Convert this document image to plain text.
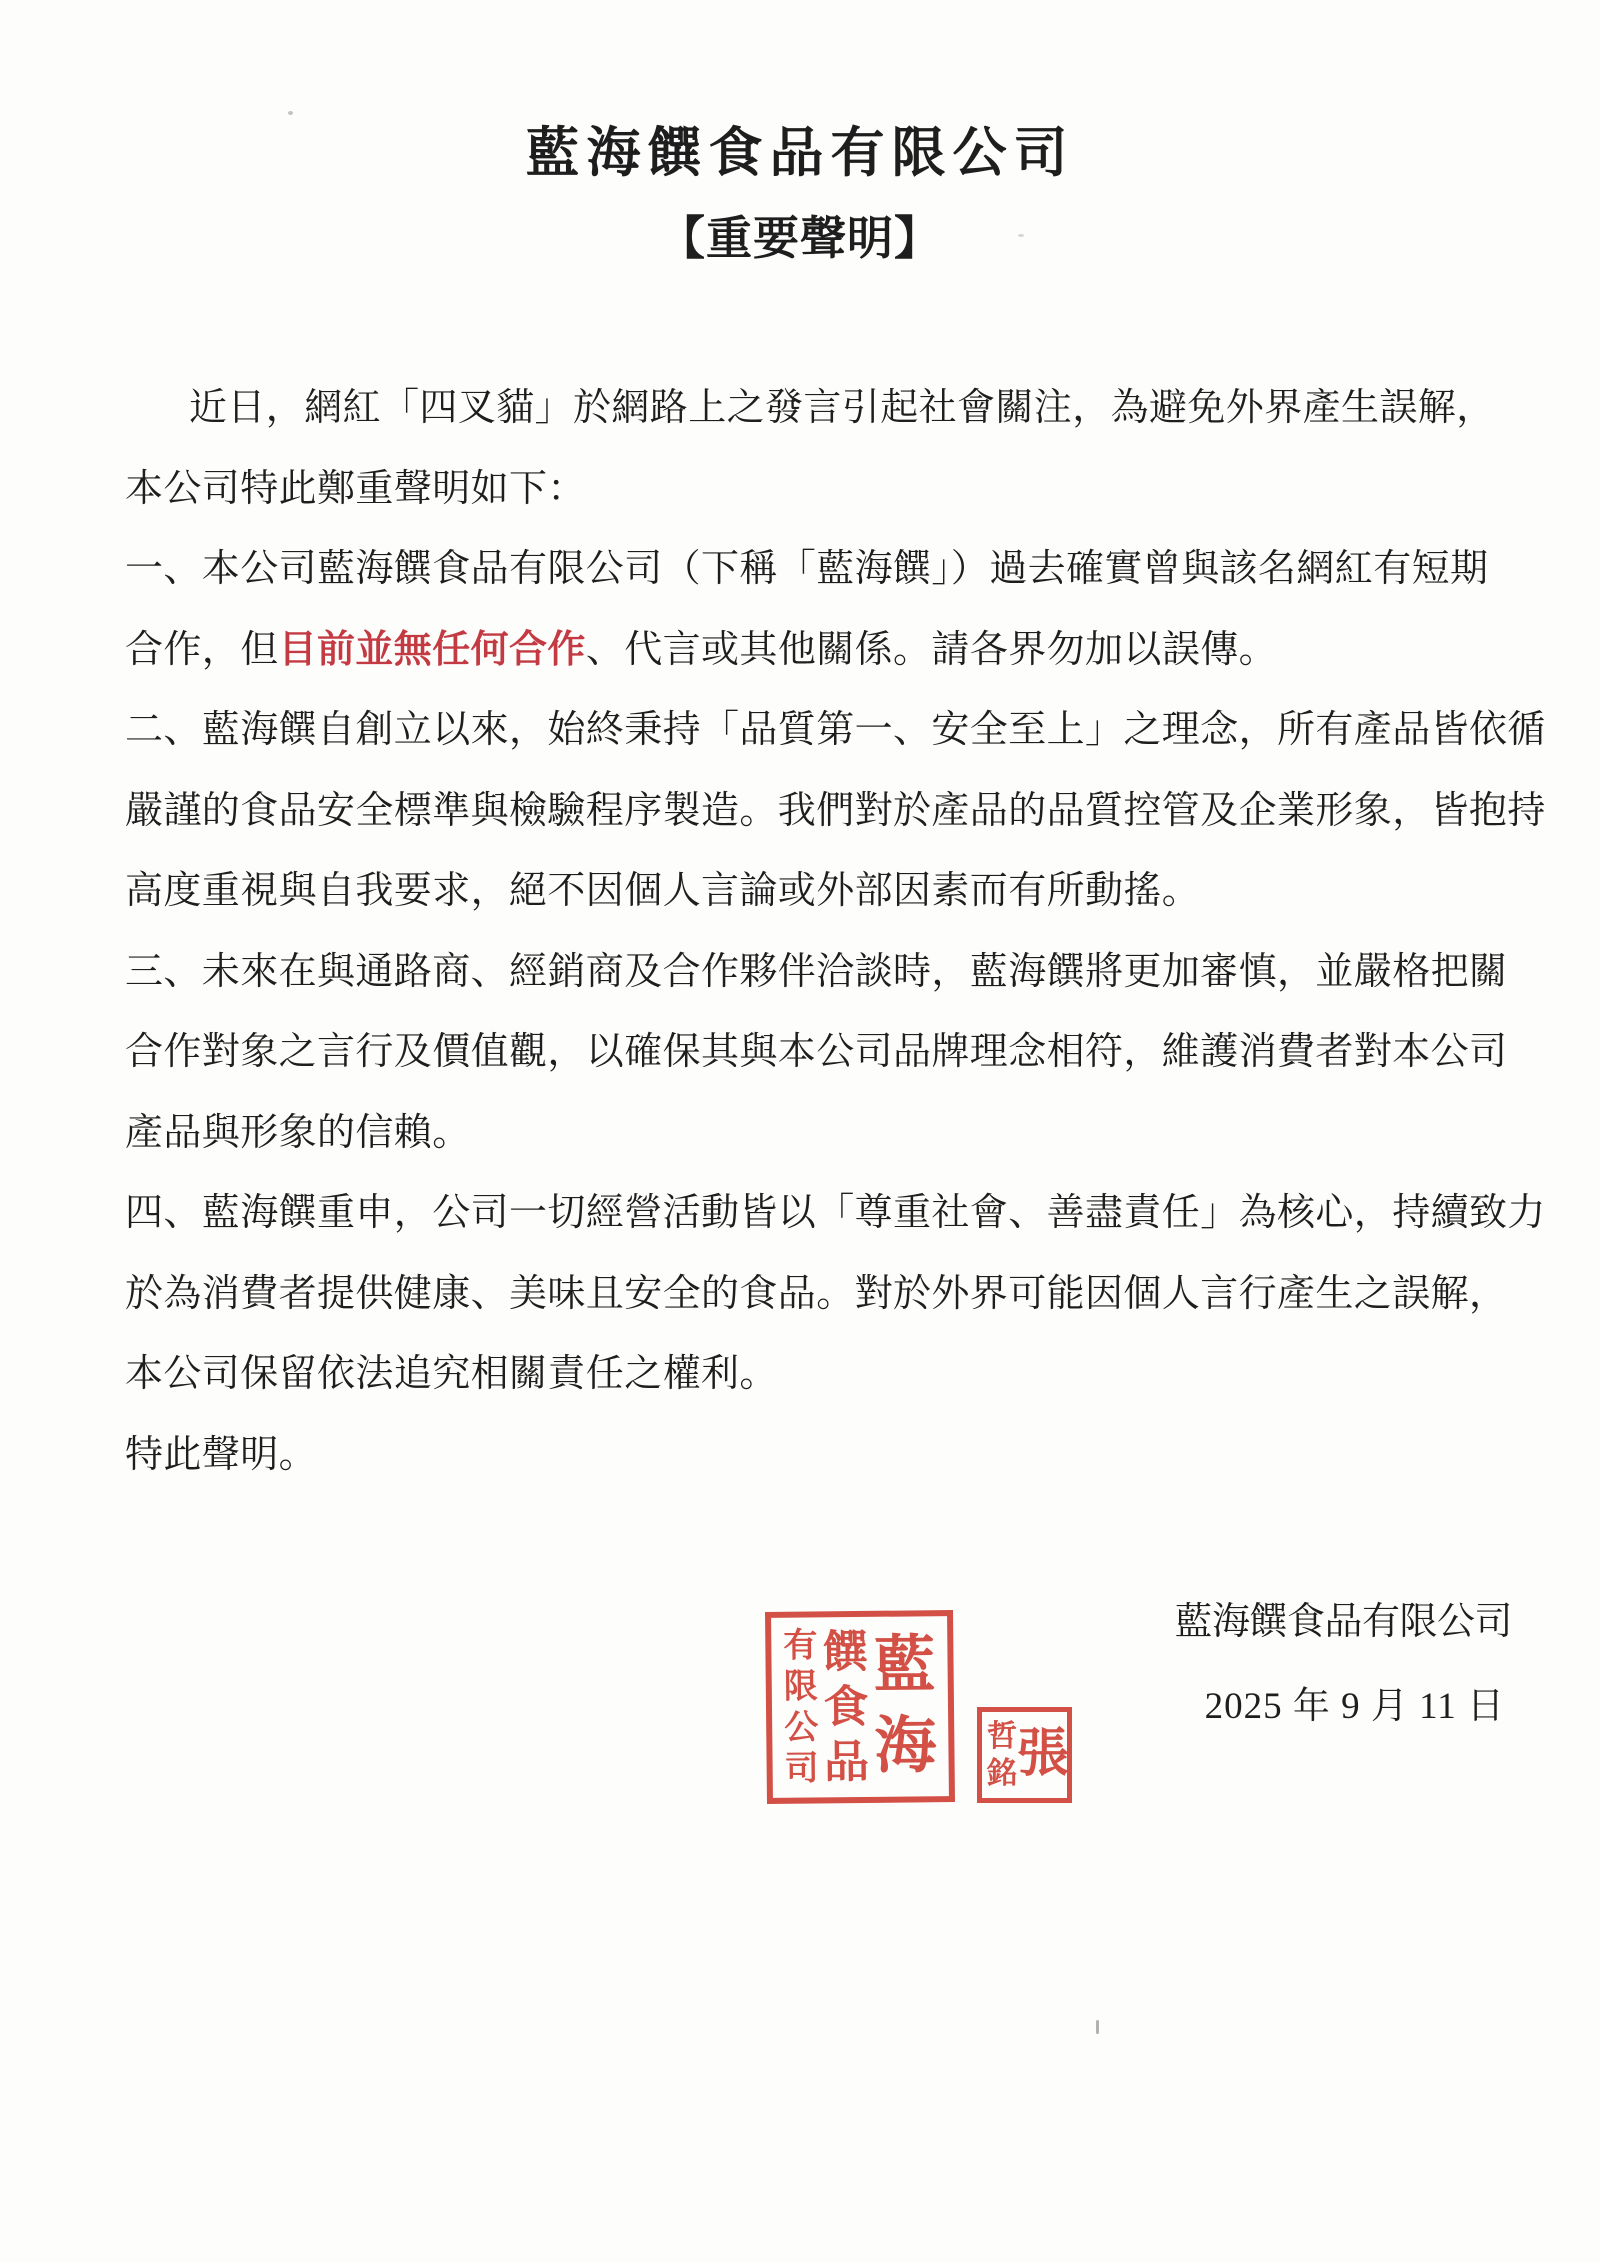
藍海饌食品有限公司
【重要聲明】
近日，網紅「四叉貓」於網路上之發言引起社會關注，為避免外界產生誤解，
本公司特此鄭重聲明如下：
一、本公司藍海饌食品有限公司（下稱「藍海饌」）過去確實曾與該名網紅有短期
合作，但目前並無任何合作、代言或其他關係。請各界勿加以誤傳。
二、藍海饌自創立以來，始終秉持「品質第一、安全至上」之理念，所有產品皆依循
嚴謹的食品安全標準與檢驗程序製造。我們對於產品的品質控管及企業形象，皆抱持
高度重視與自我要求，絕不因個人言論或外部因素而有所動搖。
三、未來在與通路商、經銷商及合作夥伴洽談時，藍海饌將更加審慎，並嚴格把關
合作對象之言行及價值觀，以確保其與本公司品牌理念相符，維護消費者對本公司
產品與形象的信賴。
四、藍海饌重申，公司一切經營活動皆以「尊重社會、善盡責任」為核心，持續致力
於為消費者提供健康、美味且安全的食品。對於外界可能因個人言行產生之誤解，
本公司保留依法追究相關責任之權利。
特此聲明。
藍海饌食品有限公司
2025 年 9 月 11 日
有限公司
饌食品
藍海 哲銘 張
